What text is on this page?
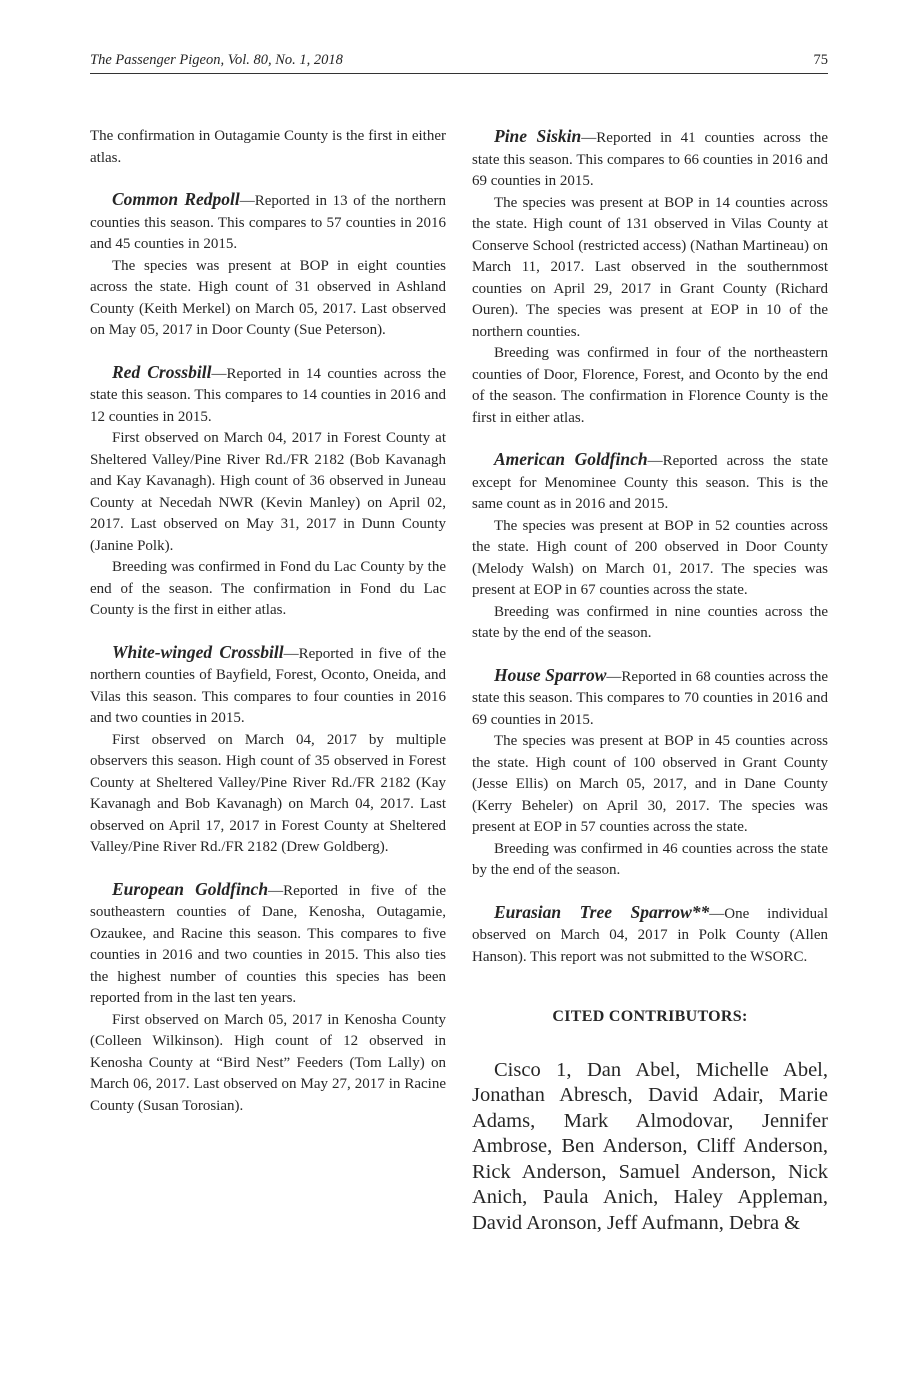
The Passenger Pigeon, Vol. 80, No. 1, 2018	75

The confirmation in Outagamie County is the first in either atlas.

Common Redpoll—Reported in 13 of the northern counties this season. This compares to 57 counties in 2016 and 45 counties in 2015.

The species was present at BOP in eight counties across the state. High count of 31 observed in Ashland County (Keith Merkel) on March 05, 2017. Last observed on May 05, 2017 in Door County (Sue Peterson).

Red Crossbill—Reported in 14 counties across the state this season. This compares to 14 counties in 2016 and 12 counties in 2015.

First observed on March 04, 2017 in Forest County at Sheltered Valley/Pine River Rd./FR 2182 (Bob Kavanagh and Kay Kavanagh). High count of 36 observed in Juneau County at Necedah NWR (Kevin Manley) on April 02, 2017. Last observed on May 31, 2017 in Dunn County (Janine Polk).

Breeding was confirmed in Fond du Lac County by the end of the season. The confirmation in Fond du Lac County is the first in either atlas.

White-winged Crossbill—Reported in five of the northern counties of Bayfield, Forest, Oconto, Oneida, and Vilas this season. This compares to four counties in 2016 and two counties in 2015.

First observed on March 04, 2017 by multiple observers this season. High count of 35 observed in Forest County at Sheltered Valley/Pine River Rd./FR 2182 (Kay Kavanagh and Bob Kavanagh) on March 04, 2017. Last observed on April 17, 2017 in Forest County at Sheltered Valley/Pine River Rd./FR 2182 (Drew Goldberg).

European Goldfinch—Reported in five of the southeastern counties of Dane, Kenosha, Outagamie, Ozaukee, and Racine this season. This compares to five counties in 2016 and two counties in 2015. This also ties the highest number of counties this species has been reported from in the last ten years.

First observed on March 05, 2017 in Kenosha County (Colleen Wilkinson). High count of 12 observed in Kenosha County at “Bird Nest” Feeders (Tom Lally) on March 06, 2017. Last observed on May 27, 2017 in Racine County (Susan Torosian).

Pine Siskin—Reported in 41 counties across the state this season. This compares to 66 counties in 2016 and 69 counties in 2015.

The species was present at BOP in 14 counties across the state. High count of 131 observed in Vilas County at Conserve School (restricted access) (Nathan Martineau) on March 11, 2017. Last observed in the southernmost counties on April 29, 2017 in Grant County (Richard Ouren). The species was present at EOP in 10 of the northern counties.

Breeding was confirmed in four of the northeastern counties of Door, Florence, Forest, and Oconto by the end of the season. The confirmation in Florence County is the first in either atlas.

American Goldfinch—Reported across the state except for Menominee County this season. This is the same count as in 2016 and 2015.

The species was present at BOP in 52 counties across the state. High count of 200 observed in Door County (Melody Walsh) on March 01, 2017. The species was present at EOP in 67 counties across the state.

Breeding was confirmed in nine counties across the state by the end of the season.

House Sparrow—Reported in 68 counties across the state this season. This compares to 70 counties in 2016 and 69 counties in 2015.

The species was present at BOP in 45 counties across the state. High count of 100 observed in Grant County (Jesse Ellis) on March 05, 2017, and in Dane County (Kerry Beheler) on April 30, 2017. The species was present at EOP in 57 counties across the state.

Breeding was confirmed in 46 counties across the state by the end of the season.

Eurasian Tree Sparrow**—One individual observed on March 04, 2017 in Polk County (Allen Hanson). This report was not submitted to the WSORC.

CITED CONTRIBUTORS:

Cisco 1, Dan Abel, Michelle Abel, Jonathan Abresch, David Adair, Marie Adams, Mark Almodovar, Jennifer Ambrose, Ben Anderson, Cliff Anderson, Rick Anderson, Samuel Anderson, Nick Anich, Paula Anich, Haley Appleman, David Aronson, Jeff Aufmann, Debra &
